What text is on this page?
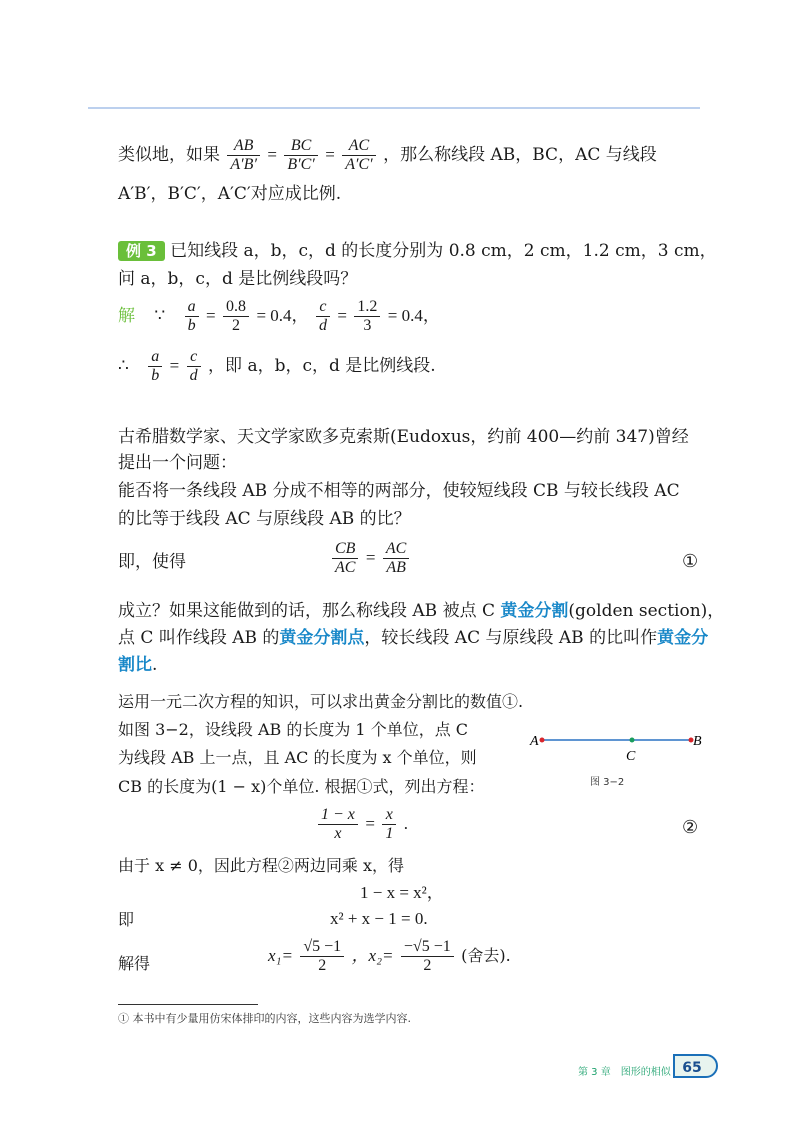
类似地，如果 $\frac{AB}{A'B'} = \frac{BC}{B'C'} = \frac{AC}{A'C'}$ ，那么称线段 AB，BC，AC 与线段
A′B′，B′C′，A′C′对应成比例.
例 3 已知线段 a，b，c，d 的长度分别为 0.8 cm，2 cm，1.2 cm，3 cm，
问 a，b，c，d 是比例线段吗？
解 ∵ $\frac{a}{b} = \frac{0.8}{2} = 0.4$， $\frac{c}{d} = \frac{1.2}{3} = 0.4$，
∴ $\frac{a}{b} = \frac{c}{d}$ ，即 a，b，c，d 是比例线段.
古希腊数学家、天文学家欧多克索斯(Eudoxus，约前 400—约前 347)曾经
提出一个问题：
能否将一条线段 AB 分成不相等的两部分，使较短线段 CB 与较长线段 AC
的比等于线段 AC 与原线段 AB 的比？
即，使得	$\frac{CB}{AC} = \frac{AC}{AB}$	①
成立？如果这能做到的话，那么称线段 AB 被点 C 黄金分割(golden section)，
点 C 叫作线段 AB 的黄金分割点，较长线段 AC 与原线段 AB 的比叫作黄金分
割比.
运用一元二次方程的知识，可以求出黄金分割比的数值①.
如图 3−2，设线段 AB 的长度为 1 个单位，点 C
为线段 AB 上一点，且 AC 的长度为 x 个单位，则
CB 的长度为(1 − x)个单位. 根据①式，列出方程：
A	B
C
图 3−2
$\frac{1 - x}{x} = \frac{x}{1}$ .	②
由于 x ≠ 0，因此方程②两边同乘 x，得
1 − x = x²，
即	x² + x − 1 = 0.
解得	$x_1= \frac{√5 -1}{2}$ ，$x_2= \frac{-√5 -1}{2}$ (舍去).
① 本书中有少量用仿宋体排印的内容，这些内容为选学内容.
第 3 章　图形的相似 65
